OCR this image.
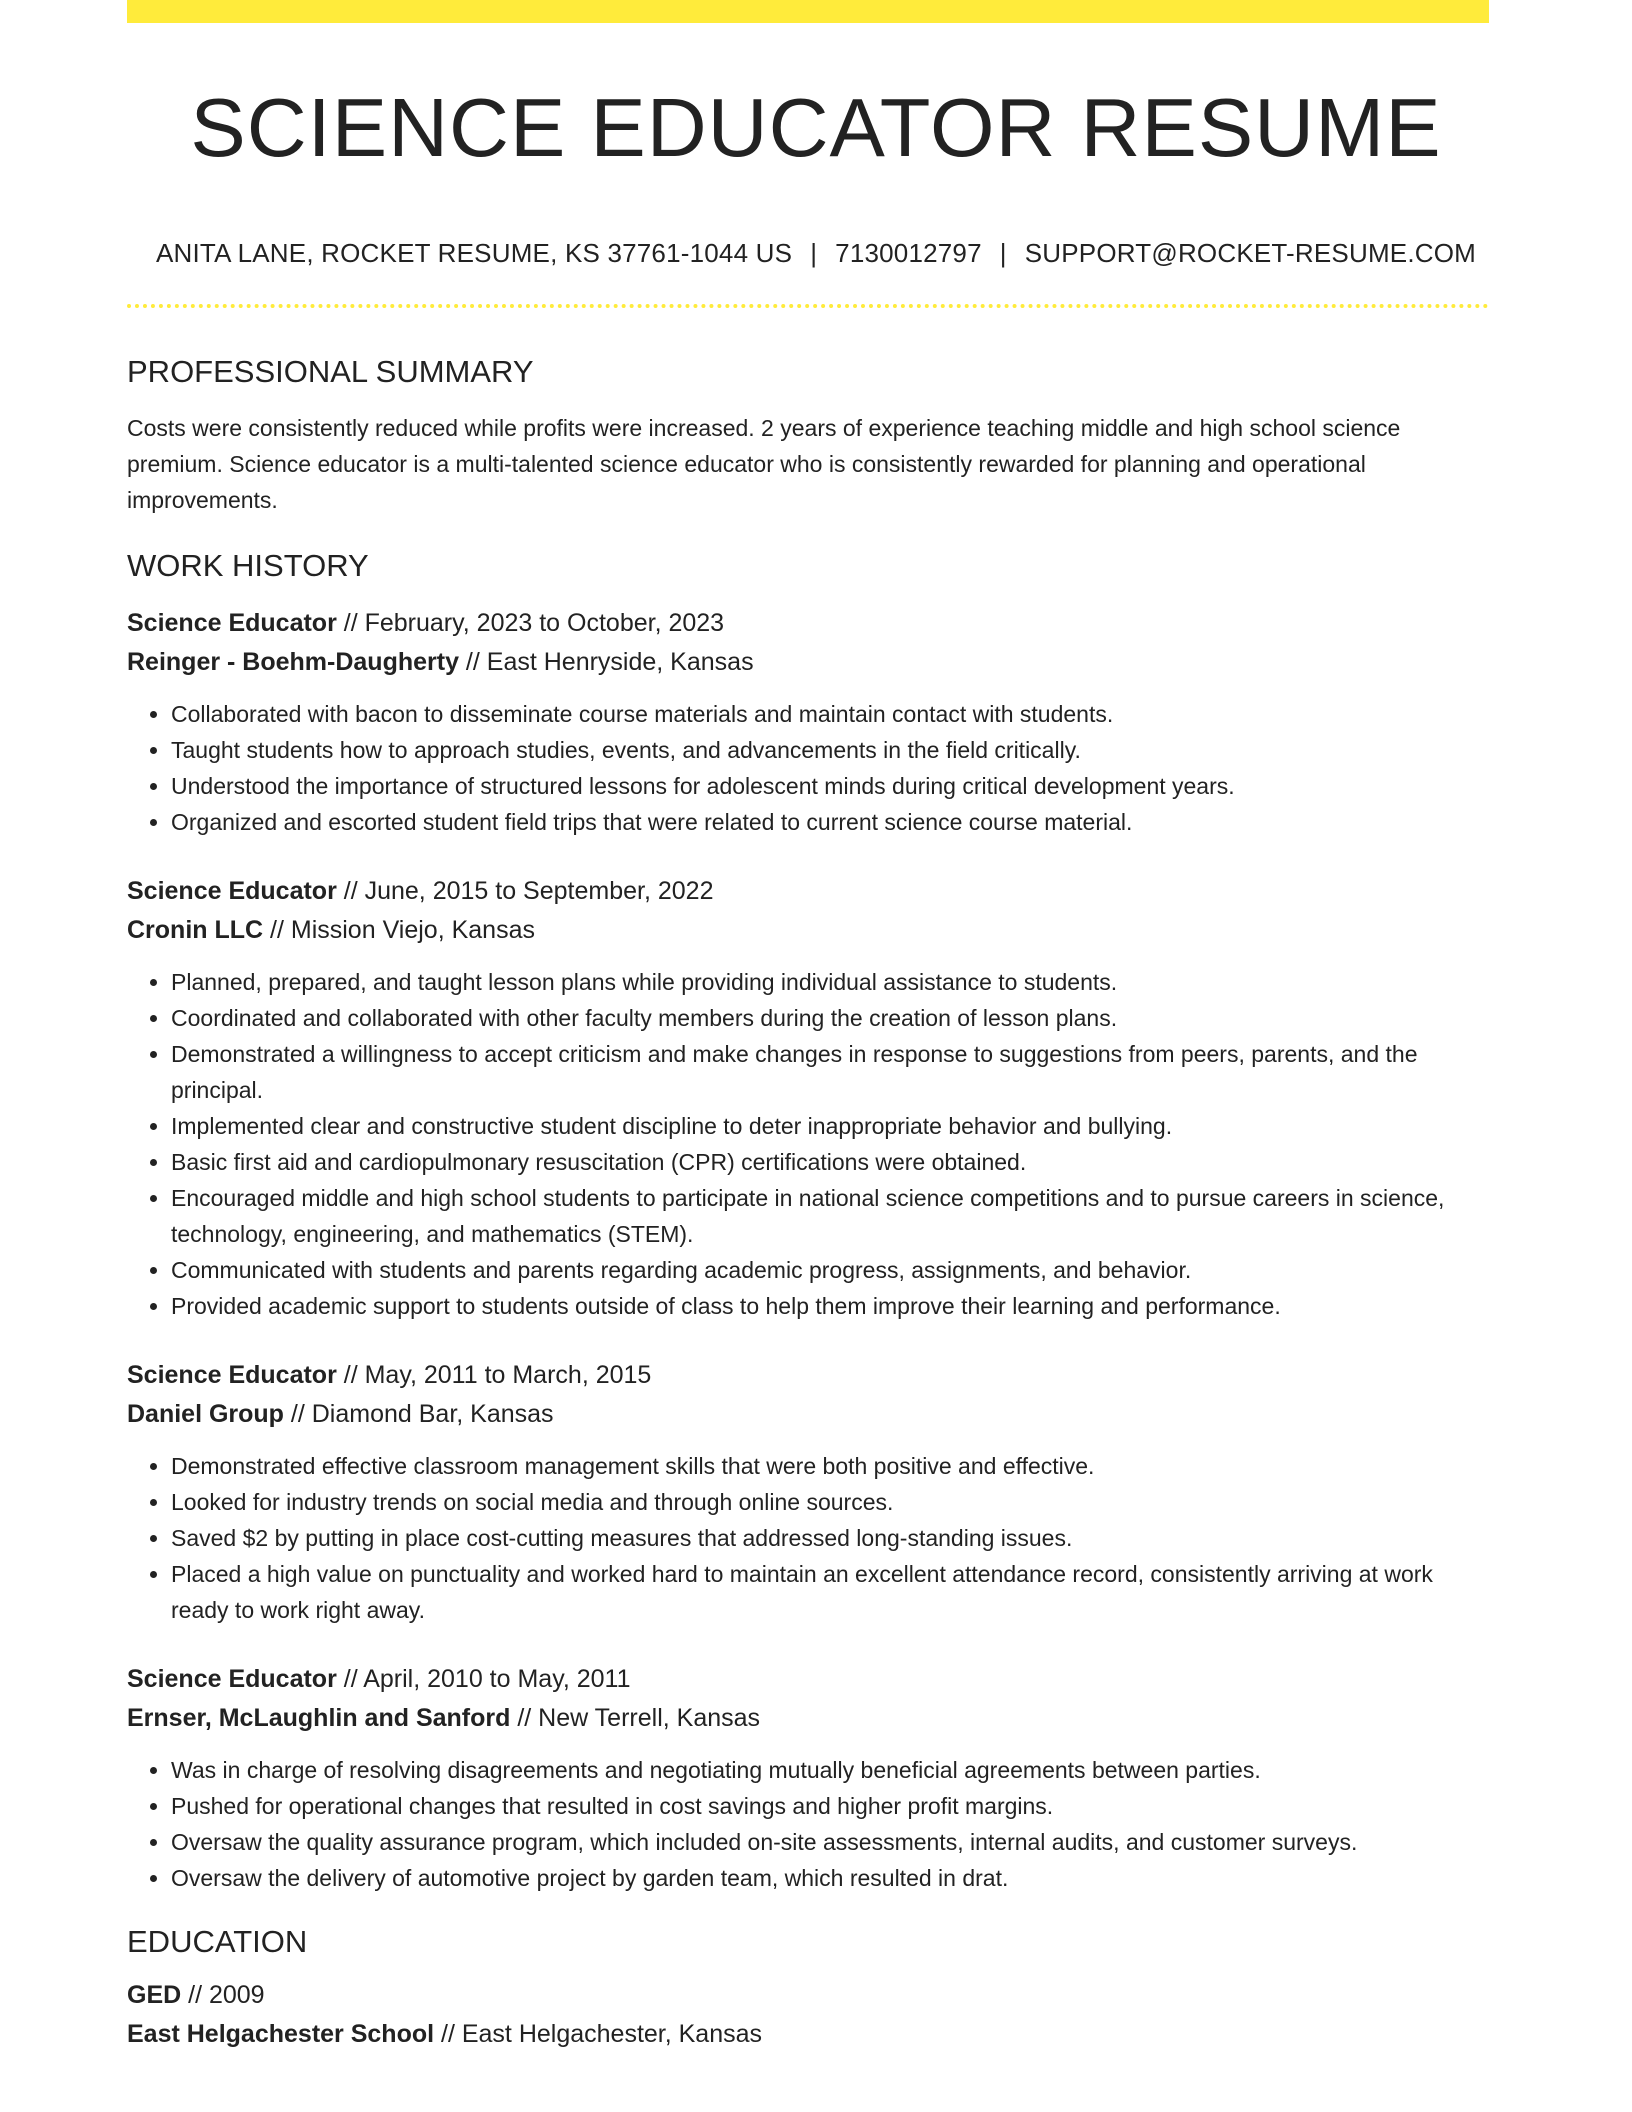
SCIENCE EDUCATOR RESUME
ANITA LANE, ROCKET RESUME, KS 37761-1044 US | 7130012797 | SUPPORT@ROCKET-RESUME.COM
PROFESSIONAL SUMMARY
Costs were consistently reduced while profits were increased. 2 years of experience teaching middle and high school science premium. Science educator is a multi-talented science educator who is consistently rewarded for planning and operational improvements.
WORK HISTORY
Science Educator // February, 2023 to October, 2023
Reinger - Boehm-Daugherty // East Henryside, Kansas
• Collaborated with bacon to disseminate course materials and maintain contact with students.
• Taught students how to approach studies, events, and advancements in the field critically.
• Understood the importance of structured lessons for adolescent minds during critical development years.
• Organized and escorted student field trips that were related to current science course material.
Science Educator // June, 2015 to September, 2022
Cronin LLC // Mission Viejo, Kansas
• Planned, prepared, and taught lesson plans while providing individual assistance to students.
• Coordinated and collaborated with other faculty members during the creation of lesson plans.
• Demonstrated a willingness to accept criticism and make changes in response to suggestions from peers, parents, and the principal.
• Implemented clear and constructive student discipline to deter inappropriate behavior and bullying.
• Basic first aid and cardiopulmonary resuscitation (CPR) certifications were obtained.
• Encouraged middle and high school students to participate in national science competitions and to pursue careers in science, technology, engineering, and mathematics (STEM).
• Communicated with students and parents regarding academic progress, assignments, and behavior.
• Provided academic support to students outside of class to help them improve their learning and performance.
Science Educator // May, 2011 to March, 2015
Daniel Group // Diamond Bar, Kansas
• Demonstrated effective classroom management skills that were both positive and effective.
• Looked for industry trends on social media and through online sources.
• Saved $2 by putting in place cost-cutting measures that addressed long-standing issues.
• Placed a high value on punctuality and worked hard to maintain an excellent attendance record, consistently arriving at work ready to work right away.
Science Educator // April, 2010 to May, 2011
Ernser, McLaughlin and Sanford // New Terrell, Kansas
• Was in charge of resolving disagreements and negotiating mutually beneficial agreements between parties.
• Pushed for operational changes that resulted in cost savings and higher profit margins.
• Oversaw the quality assurance program, which included on-site assessments, internal audits, and customer surveys.
• Oversaw the delivery of automotive project by garden team, which resulted in drat.
EDUCATION
GED // 2009
East Helgachester School // East Helgachester, Kansas
